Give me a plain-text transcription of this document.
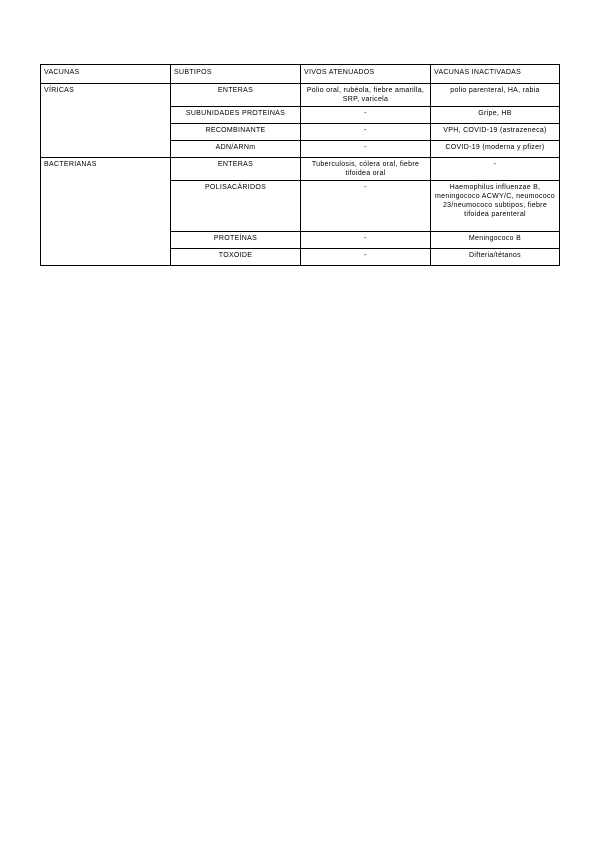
VACUNAS	SUBTIPOS	VIVOS ATENUADOS	VACUNAS INACTIVADAS
VÍRICAS	ENTERAS	Polio oral, rubéola, fiebre amarilla, SRP, varicela	polio parenteral, HA, rabia
	SUBUNIDADES PROTEINAS	-	Gripe, HB
	RECOMBINANTE	-	VPH, COVID-19 (astrazeneca)
	ADN/ARNm	-	COVID-19 (moderna y pfizer)
BACTERIANAS	ENTERAS	Tuberculosis, cólera oral, fiebre tifoidea oral	-
	POLISACÁRIDOS	-	Haemophilus influenzae B, meningococo ACWY/C, neumococo 23/neumococo subtipos, fiebre tifoidea parenteral
	PROTEÍNAS	-	Meningococo B
	TOXOIDE	-	Difteria/tétanos
